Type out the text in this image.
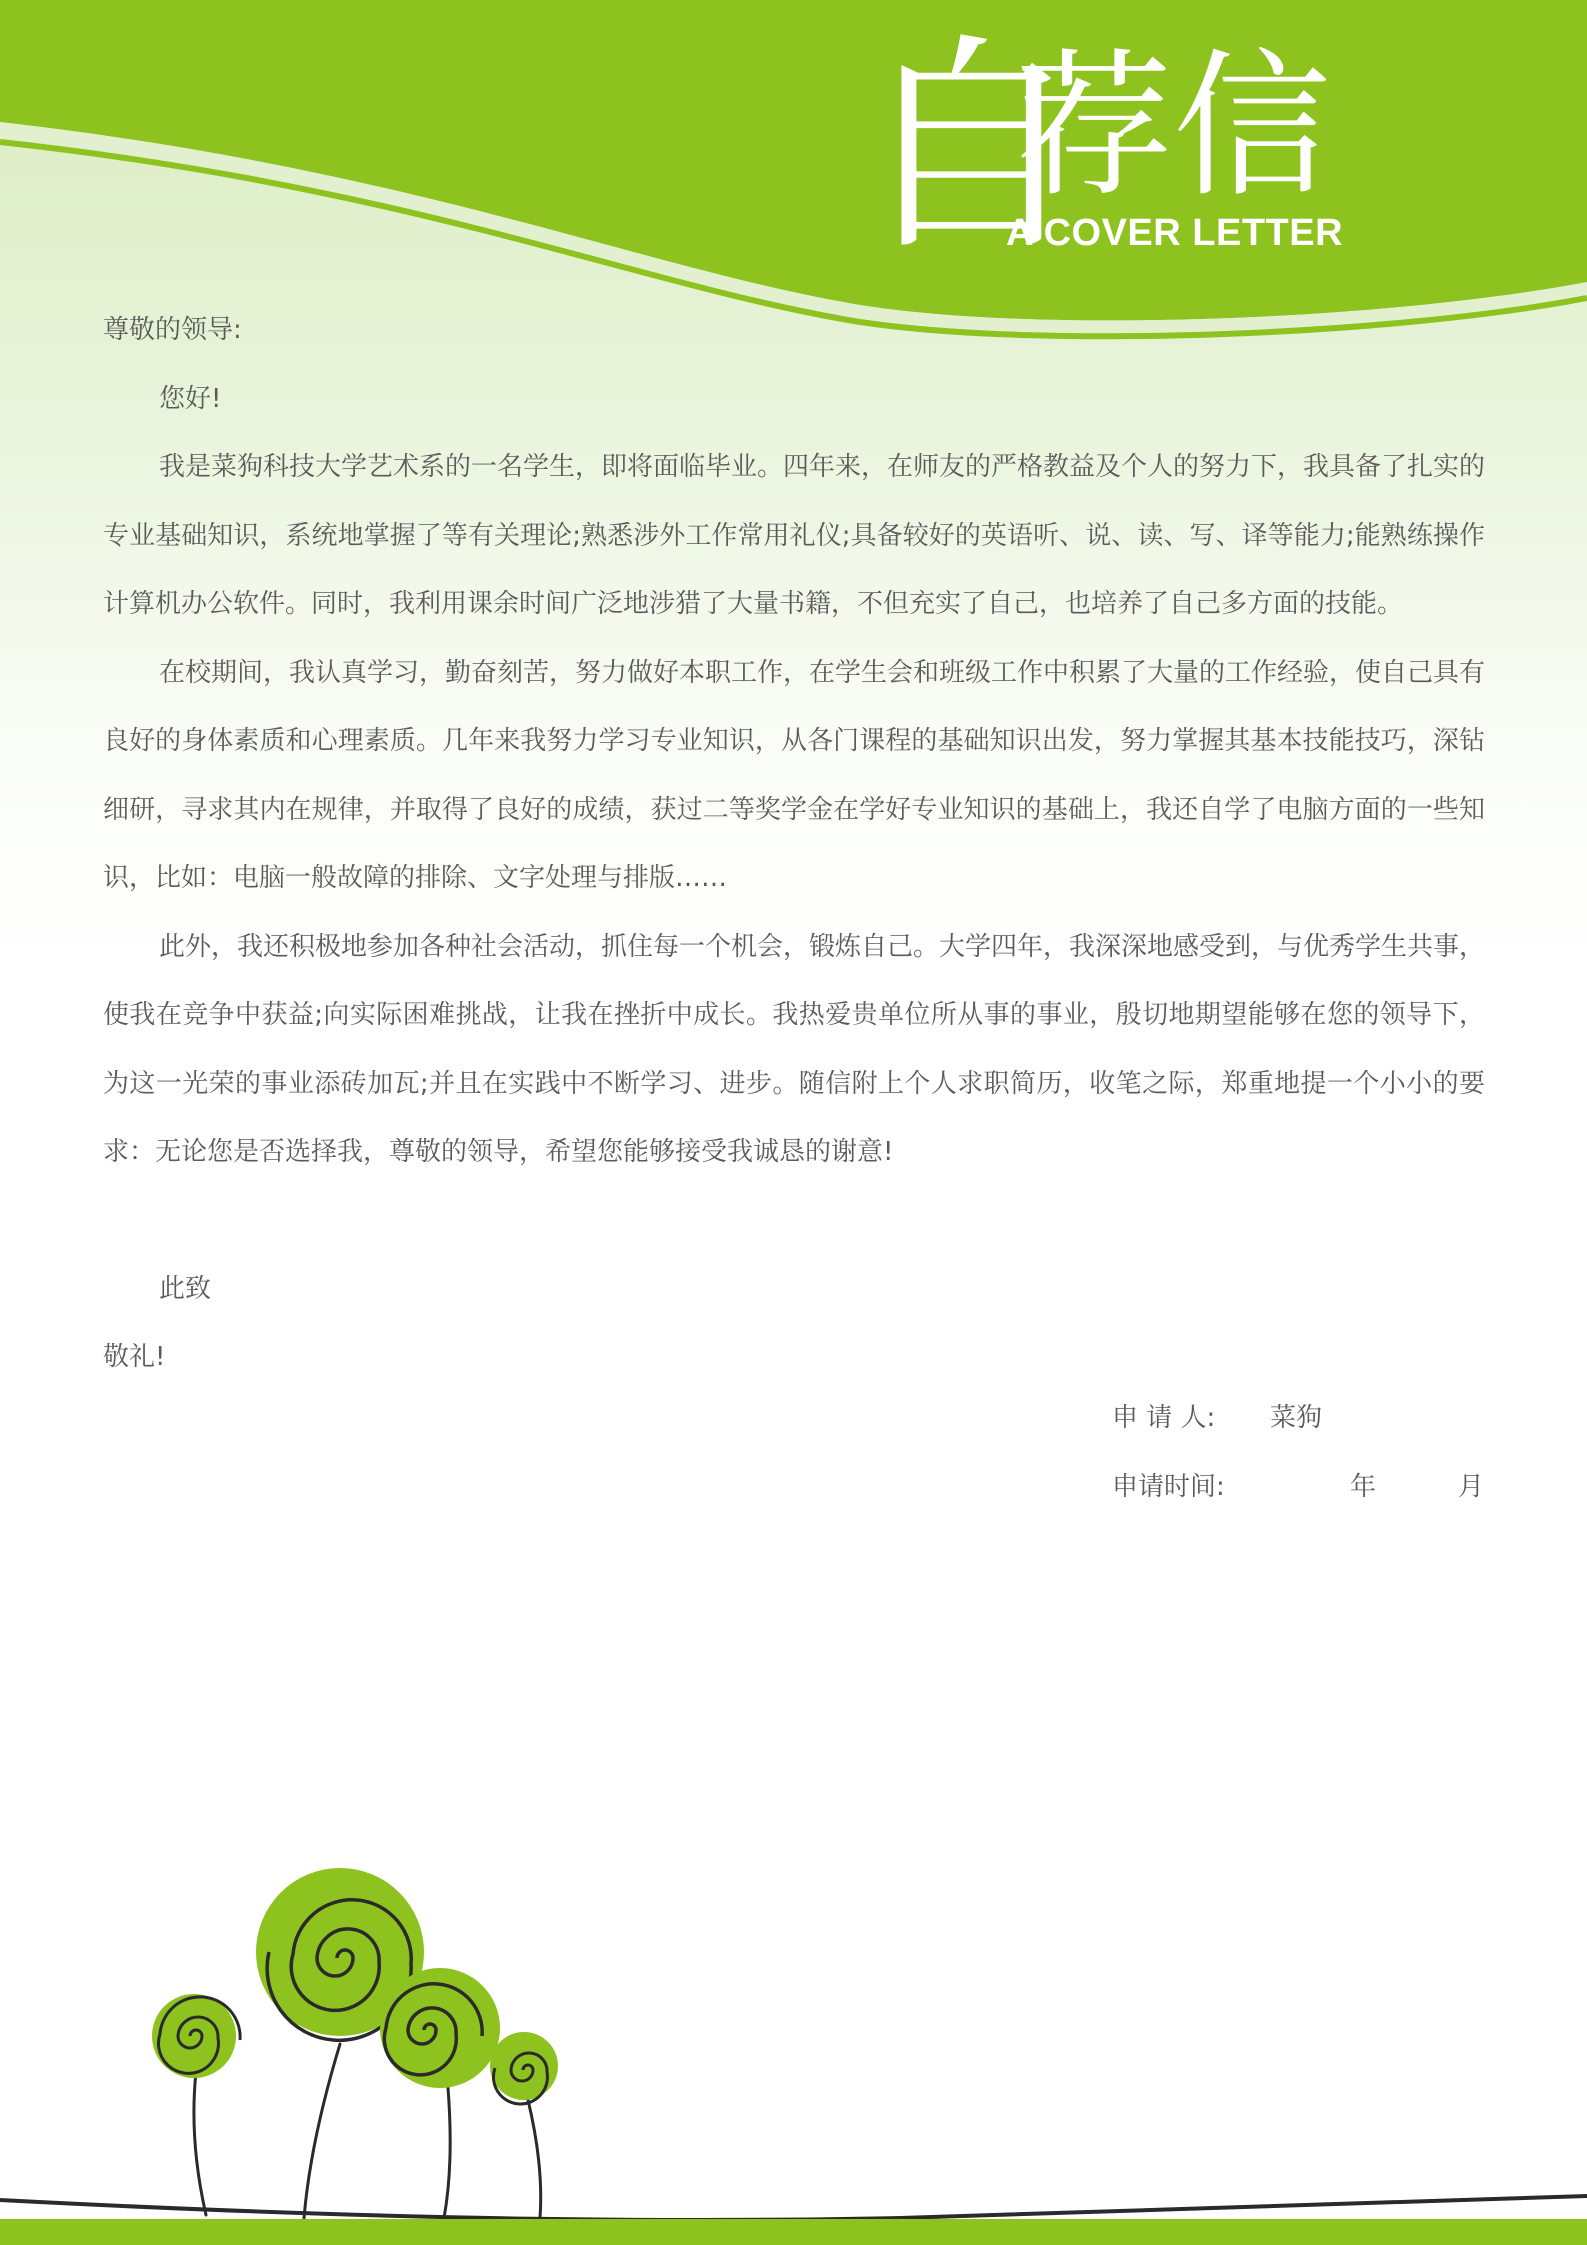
自
荐信
A COVER LETTER

尊敬的领导:

您好!

我是菜狗科技大学艺术系的一名学生，即将面临毕业。四年来，在师友的严格教益及个人的努力下，我具备了扎实的专业基础知识，系统地掌握了等有关理论;熟悉涉外工作常用礼仪;具备较好的英语听、说、读、写、译等能力;能熟练操作计算机办公软件。同时，我利用课余时间广泛地涉猎了大量书籍，不但充实了自己，也培养了自己多方面的技能。

在校期间，我认真学习，勤奋刻苦，努力做好本职工作，在学生会和班级工作中积累了大量的工作经验，使自己具有良好的身体素质和心理素质。几年来我努力学习专业知识，从各门课程的基础知识出发，努力掌握其基本技能技巧，深钻细研，寻求其内在规律，并取得了良好的成绩，获过二等奖学金在学好专业知识的基础上，我还自学了电脑方面的一些知识，比如：电脑一般故障的排除、文字处理与排版……

此外，我还积极地参加各种社会活动，抓住每一个机会，锻炼自己。大学四年，我深深地感受到，与优秀学生共事，使我在竞争中获益;向实际困难挑战，让我在挫折中成长。我热爱贵单位所从事的事业，殷切地期望能够在您的领导下，为这一光荣的事业添砖加瓦;并且在实践中不断学习、进步。随信附上个人求职简历，收笔之际，郑重地提一个小小的要求：无论您是否选择我，尊敬的领导，希望您能够接受我诚恳的谢意!

此致

敬礼!

申 请 人: 菜狗
申请时间:	年	月
